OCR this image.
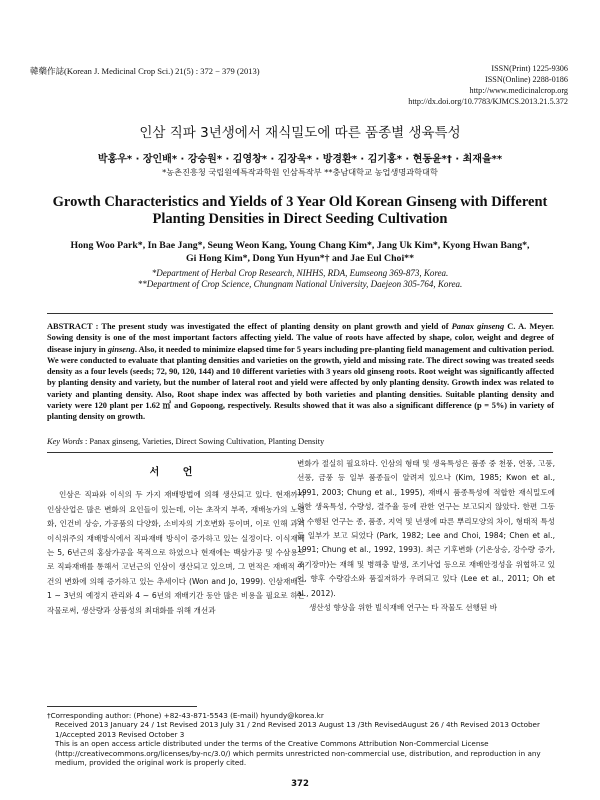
韓藥作誌(Korean J. Medicinal Crop Sci.) 21(5) : 372 − 379 (2013)	ISSN(Print) 1225-9306
ISSN(Online) 2288-0186
http://www.medicinalcrop.org
http://dx.doi.org/10.7783/KJMCS.2013.21.5.372
인삼 직파 3년생에서 재식밀도에 따른 품종별 생육특성
박홍우* · 장인배* · 강승원* · 김영창* · 김장욱* · 방경환* · 김기홍* · 현동윤*† · 최재을**
*농촌진흥청 국립원예특작과학원 인삼특작부 **충남대학교 농업생명과학대학
Growth Characteristics and Yields of 3 Year Old Korean Ginseng with Different
Planting Densities in Direct Seeding Cultivation
Hong Woo Park*, In Bae Jang*, Seung Weon Kang, Young Chang Kim*, Jang Uk Kim*, Kyong Hwan Bang*,
Gi Hong Kim*, Dong Yun Hyun*† and Jae Eul Choi**
*Department of Herbal Crop Research, NIHHS, RDA, Eumseong 369-873, Korea.
**Department of Crop Science, Chungnam National University, Daejeon 305-764, Korea.

ABSTRACT : The present study was investigated the effect of planting density on plant growth and yield of Panax ginseng C. A. Meyer. Sowing density is one of the most important factors affecting yield. The value of roots have affected by shape, color, weight and degree of disease injury in ginseng. Also, it needed to minimize elapsed time for 5 years including pre-planting field management and cultivation period. We were conducted to evaluate that planting densities and varieties on the growth, yield and missing rate. The direct sowing was treated seeds density as a four levels (seeds; 72, 90, 120, 144) and 10 different varieties with 3 years old ginseng roots. Root weight was significantly affected by planting density and variety, but the number of lateral root and yield were affected by only planting density. Growth index was related to variety and planting density. Also, Root shape index was affected by both varieties and planting densities. Suitable planting density and variety were 120 plant per 1.62 ㎡ and Gopoong, respectively. Results showed that it was also a significant difference (p = 5%) in variety of planting density on growth.

Key Words : Panax ginseng, Varieties, Direct Sowing Cultivation, Planting Density

서 언

인삼은 직파와 이식의 두 가지 재배방법에 의해 생산되고 있다. 현재까지 인삼산업은 많은 변화의 요인들이 있는데, 이는 초작지 부족, 재배농가의 노령화, 인건비 상승, 가공품의 다양화, 소비자의 기호변화 등이며, 이로 인해 과거 이식위주의 재배방식에서 직파재배 방식이 증가하고 있는 실정이다. 이식재배는 5, 6년근의 홍삼가공을 목적으로 하였으나 현재에는 백삼가공 및 수삼용으로 직파재배를 통해서 고년근의 인삼이 생산되고 있으며, 그 면적은 재배적 여건의 변화에 의해 증가하고 있는 추세이다 (Won and Jo, 1999). 인삼재배는 1 ~ 3년의 예정지 관리와 4 ~ 6년의 재배기간 동안 많은 비용을 필요로 하는 작물로써, 생산량과 상품성의 최대화를 위해 개선과

변화가 절실히 필요하다. 인삼의 형태 및 생육특성은 품종 중 천풍, 연풍, 고풍, 선풍, 금풍 등 일부 품종들이 알려져 있으나 (Kim, 1985; Kwon et al., 1991, 2003; Chung et al., 1995), 재배시 품종특성에 적합한 재식밀도에 의한 생육특성, 수량성, 결주율 등에 관한 연구는 보고되지 않았다. 한편 그동안 수행된 연구는 종, 품종, 지역 및 년생에 따른 뿌리모양의 차이, 형태적 특성 등 일부가 보고 되었다 (Park, 1982; Lee and Choi, 1984; Chen et al., 1991; Chung et al., 1992, 1993). 최근 기후변화 (기온상승, 강수량 증가, 조기장마)는 재해 및 병해충 발생, 조기낙엽 등으로 재배안정성을 위협하고 있어, 향후 수량감소와 품질저하가 우려되고 있다 (Lee et al., 2011; Oh et al., 2012).

생산성 향상을 위한 빌식재배 연구는 타 작물도 선행된 바

†Corresponding author: (Phone) +82-43-871-5543 (E-mail) hyundy@korea.kr

Received 2013 January 24 / 1st Revised 2013 July 31 / 2nd Revised 2013 August 13 /3th RevisedAugust 26 / 4th Revised 2013 October 1/Accepted 2013 Revised October 3

This is an open access article distributed under the terms of the Creative Commons Attribution Non-Commercial License (http://creativecommons.org/licenses/by-nc/3.0/) which permits unrestricted non-commercial use, distribution, and reproduction in any medium, provided the original work is properly cited.

372
